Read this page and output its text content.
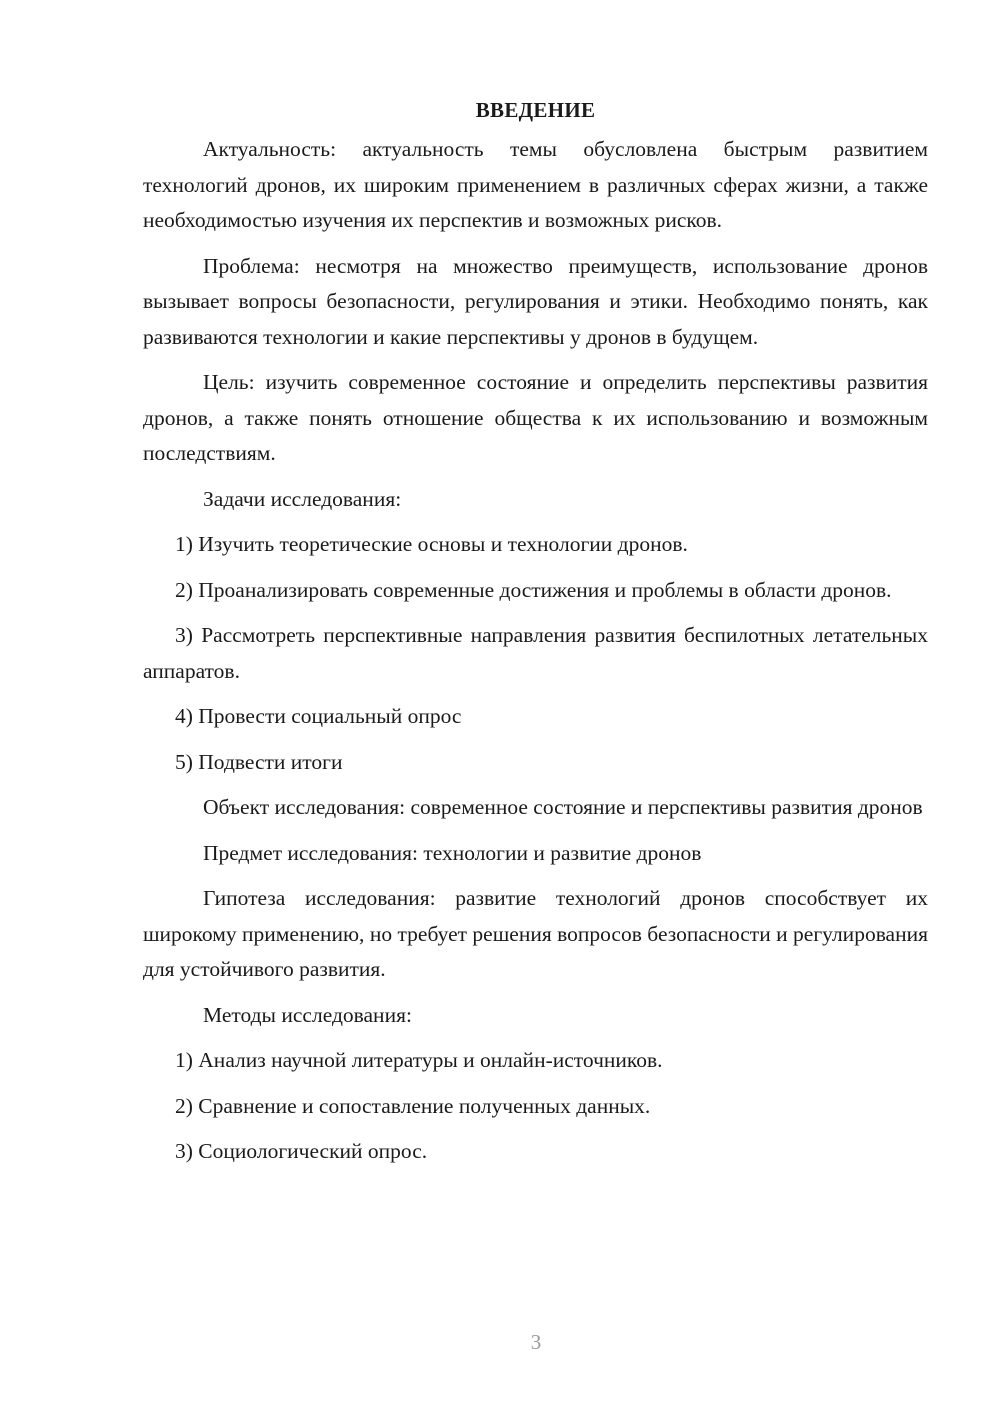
ВВЕДЕНИЕ

Актуальность: актуальность темы обусловлена быстрым развитием технологий дронов, их широким применением в различных сферах жизни, а также необходимостью изучения их перспектив и возможных рисков.

Проблема: несмотря на множество преимуществ, использование дронов вызывает вопросы безопасности, регулирования и этики. Необходимо понять, как развиваются технологии и какие перспективы у дронов в будущем.

Цель: изучить современное состояние и определить перспективы развития дронов, а также понять отношение общества к их использованию и возможным последствиям.

Задачи исследования:

1) Изучить теоретические основы и технологии дронов.

2) Проанализировать современные достижения и проблемы в области дронов.

3) Рассмотреть перспективные направления развития беспилотных летательных аппаратов.

4) Провести социальный опрос

5) Подвести итоги

Объект исследования: современное состояние и перспективы развития дронов

Предмет исследования: технологии и развитие дронов

Гипотеза исследования: развитие технологий дронов способствует их широкому применению, но требует решения вопросов безопасности и регулирования для устойчивого развития.

Методы исследования:

1) Анализ научной литературы и онлайн-источников.

2) Сравнение и сопоставление полученных данных.

3) Социологический опрос.

3
